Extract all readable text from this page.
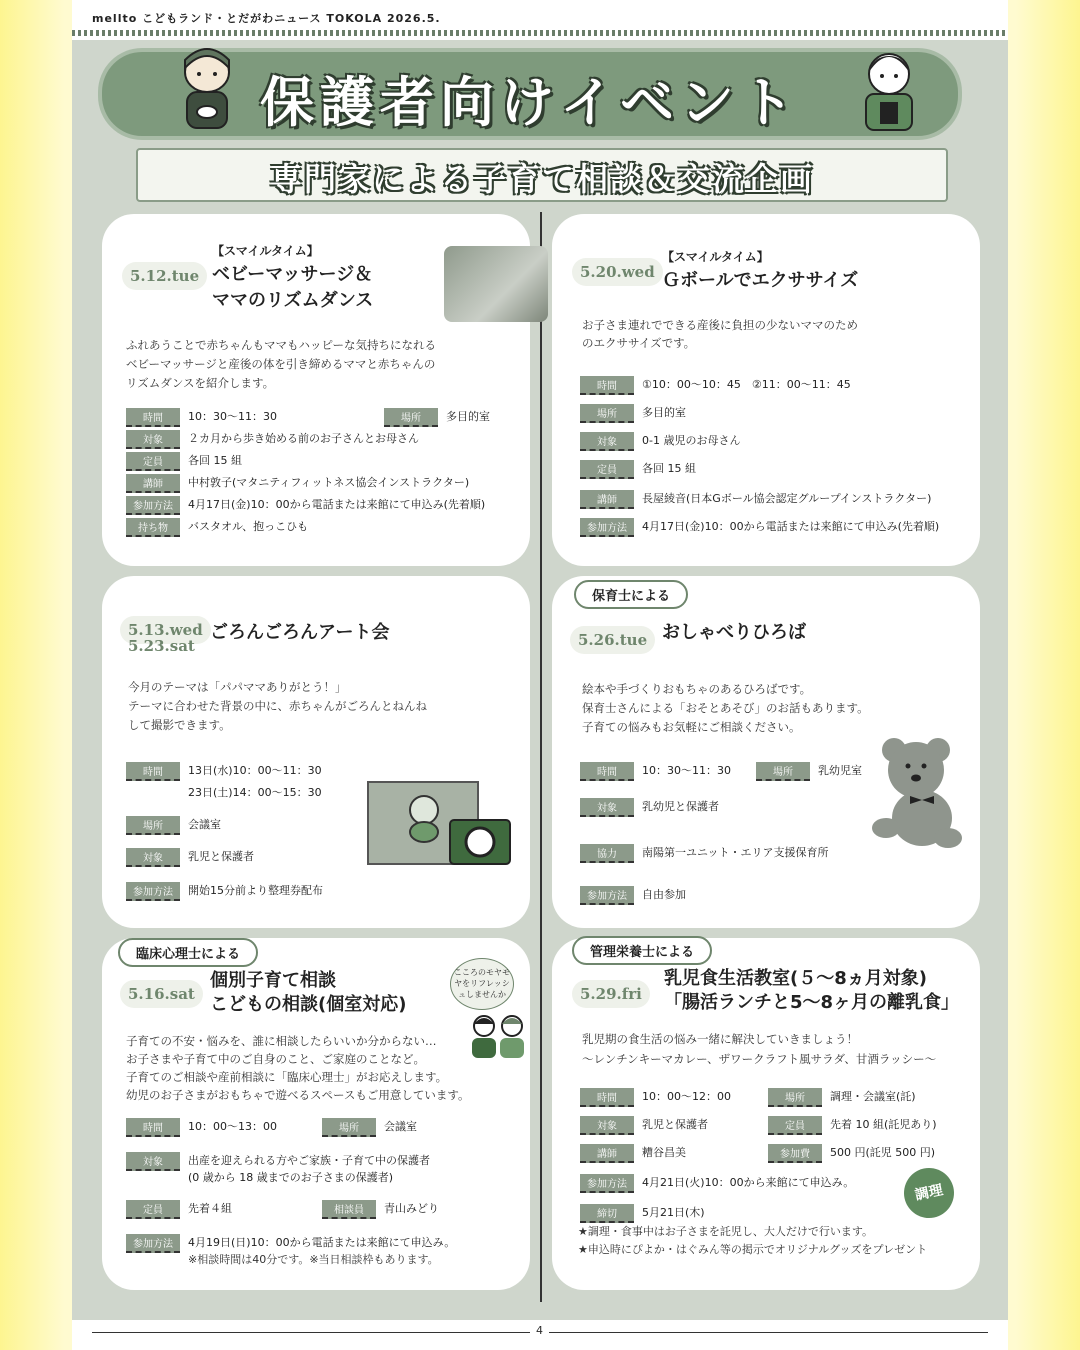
mellto こどもランド・とだがわニュース TOKOLA 2026.5.
保護者向けイベント
専門家による子育て相談＆交流企画
5.12.tue
【スマイルタイム】
ベビーマッサージ＆
ママのリズムダンス
ふれあうことで赤ちゃんもママもハッピーな気持ちになれる
ベビーマッサージと産後の体を引き締めるママと赤ちゃんの
リズムダンスを紹介します。
時間	10：30〜11：30	場所	多目的室
対象	２カ月から歩き始める前のお子さんとお母さん
定員	各回 15 組
講師	中村敦子(マタニティフィットネス協会インストラクター)
参加方法	4月17日(金)10：00から電話または来館にて申込み(先着順)
持ち物	バスタオル、抱っこひも
5.20.wed
【スマイルタイム】
Ｇボールでエクササイズ
お子さま連れでできる産後に負担の少ないママのため
のエクササイズです。
時間	①10：00〜10：45　②11：00〜11：45
場所	多目的室
対象	0-1 歳児のお母さん
定員	各回 15 組
講師	長屋綾音(日本Gボール協会認定グループインストラクター)
参加方法	4月17日(金)10：00から電話または来館にて申込み(先着順)
5.13.wed
5.23.sat
ごろんごろんアート会
今月のテーマは「パパママありがとう！」
テーマに合わせた背景の中に、赤ちゃんがごろんとねんね
して撮影できます。
時間	13日(水)10：00〜11：30
23日(土)14：00〜15：30
場所	会議室
対象	乳児と保護者
参加方法	開始15分前より整理券配布
保育士による
5.26.tue おしゃべりひろば
絵本や手づくりおもちゃのあるひろばです。
保育士さんによる「おそとあそび」のお話もあります。
子育ての悩みもお気軽にご相談ください。
時間	10：30〜11：30	場所	乳幼児室
対象	乳幼児と保護者
協力	南陽第一ユニット・エリア支援保育所
参加方法	自由参加
臨床心理士による
5.16.sat
個別子育て相談
こどもの相談(個室対応)
こころのモヤモヤをリフレッシュしませんか
子育ての不安・悩みを、誰に相談したらいいか分からない…
お子さまや子育て中のご自身のこと、ご家庭のことなど。
子育てのご相談や産前相談に「臨床心理士」がお応えします。
幼児のお子さまがおもちゃで遊べるスペースもご用意しています。
時間	10：00〜13：00	場所	会議室
対象	出産を迎えられる方やご家族・子育て中の保護者
(0 歳から 18 歳までのお子さまの保護者)
定員	先着４組	相談員	青山みどり
参加方法	4月19日(日)10：00から電話または来館にて申込み。
※相談時間は40分です。※当日相談枠もあります。
管理栄養士による
5.29.fri
乳児食生活教室(５〜8ヵ月対象)
「腸活ランチと5〜8ヶ月の離乳食」
乳児期の食生活の悩み一緒に解決していきましょう！
〜レンチンキーマカレー、ザワークラフト風サラダ、甘酒ラッシー〜
時間	10：00〜12：00	場所	調理・会議室(託)
対象	乳児と保護者	定員	先着 10 組(託児あり)
講師	糟谷昌美	参加費	500 円(託児 500 円)
参加方法	4月21日(火)10：00から来館にて申込み。
締切	5月21日(木)
★調理・食事中はお子さまを託児し、大人だけで行います。
★申込時にぴよか・はぐみん等の掲示でオリジナルグッズをプレゼント
調理
4
